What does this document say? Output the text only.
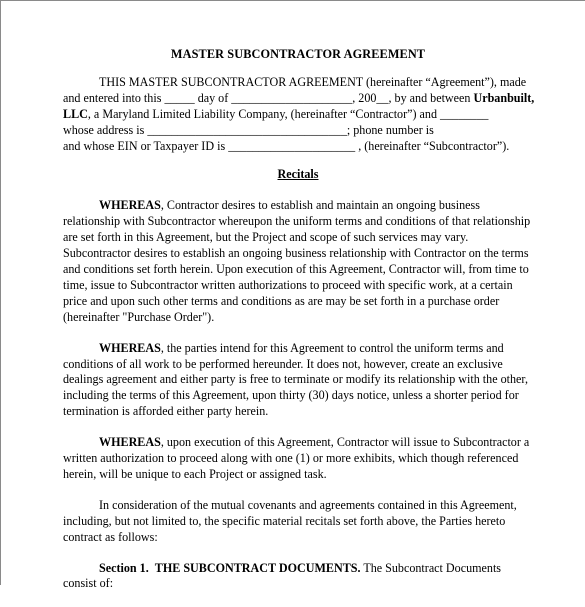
MASTER SUBCONTRACTOR AGREEMENT
THIS MASTER SUBCONTRACTOR AGREEMENT (hereinafter “Agreement”), made
and entered into this _____ day of ____________________, 200__, by and between Urbanbuilt,
LLC, a Maryland Limited Liability Company, (hereinafter “Contractor”) and ________
whose address is _________________________________; phone number is
and whose EIN or Taxpayer ID is _____________________ , (hereinafter “Subcontractor”).
Recitals
WHEREAS, Contractor desires to establish and maintain an ongoing business
relationship with Subcontractor whereupon the uniform terms and conditions of that relationship
are set forth in this Agreement, but the Project and scope of such services may vary.
Subcontractor desires to establish an ongoing business relationship with Contractor on the terms
and conditions set forth herein. Upon execution of this Agreement, Contractor will, from time to
time, issue to Subcontractor written authorizations to proceed with specific work, at a certain
price and upon such other terms and conditions as are may be set forth in a purchase order
(hereinafter "Purchase Order").
WHEREAS, the parties intend for this Agreement to control the uniform terms and
conditions of all work to be performed hereunder. It does not, however, create an exclusive
dealings agreement and either party is free to terminate or modify its relationship with the other,
including the terms of this Agreement, upon thirty (30) days notice, unless a shorter period for
termination is afforded either party herein.
WHEREAS, upon execution of this Agreement, Contractor will issue to Subcontractor a
written authorization to proceed along with one (1) or more exhibits, which though referenced
herein, will be unique to each Project or assigned task.
In consideration of the mutual covenants and agreements contained in this Agreement,
including, but not limited to, the specific material recitals set forth above, the Parties hereto
contract as follows:
Section 1. THE SUBCONTRACT DOCUMENTS. The Subcontract Documents
consist of:
